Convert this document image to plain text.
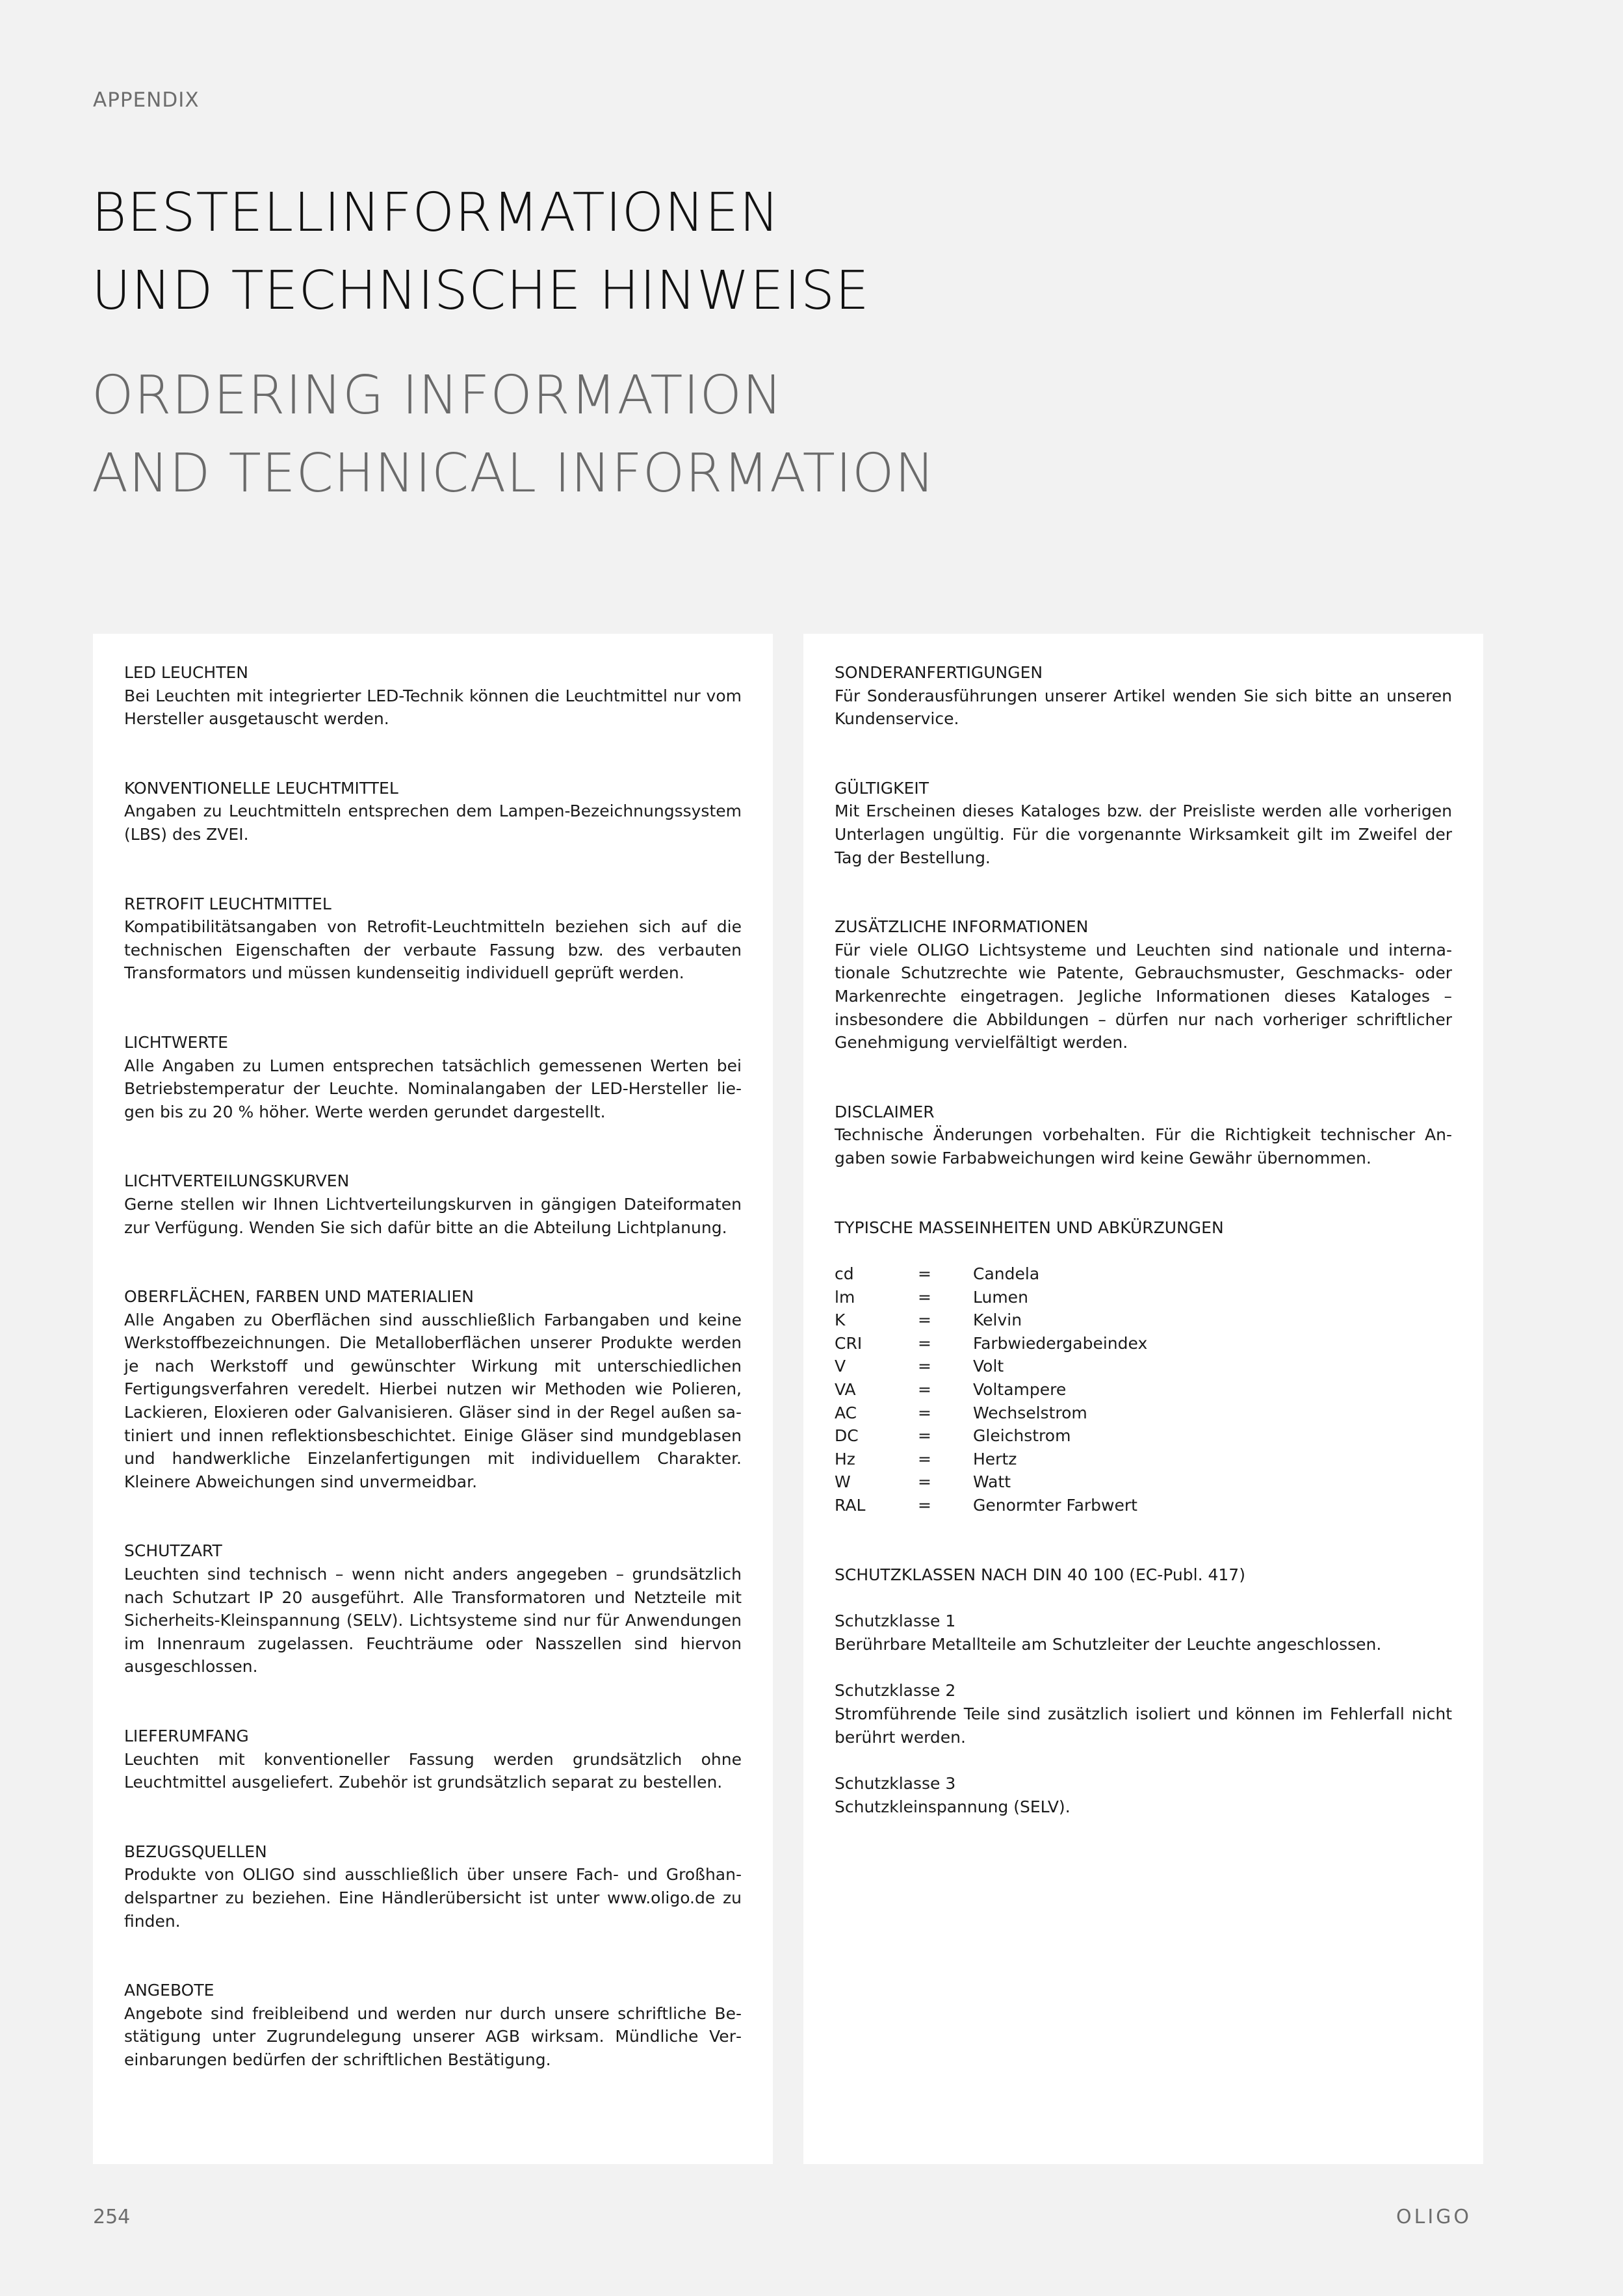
APPENDIX
BESTELLINFORMATIONEN
UND TECHNISCHE HINWEISE
ORDERING INFORMATION
AND TECHNICAL INFORMATION
LED LEUCHTEN
Bei Leuchten mit integrierter LED-Technik können die Leuchtmittel nur vom Hersteller ausgetauscht werden.
KONVENTIONELLE LEUCHTMITTEL
Angaben zu Leuchtmitteln entsprechen dem Lampen-Bezeichnungssystem (LBS) des ZVEI.
RETROFIT LEUCHTMITTEL
Kompatibilitätsangaben von Retrofit-Leuchtmitteln beziehen sich auf die technischen Eigenschaften der verbaute Fassung bzw. des verbauten Transformators und müssen kundenseitig individuell geprüft werden.
LICHTWERTE
Alle Angaben zu Lumen entsprechen tatsächlich gemessenen Werten bei Betriebstemperatur der Leuchte. Nominalangaben der LED-Hersteller liegen bis zu 20 % höher. Werte werden gerundet dargestellt.
LICHTVERTEILUNGSKURVEN
Gerne stellen wir Ihnen Lichtverteilungskurven in gängigen Dateiformaten zur Verfügung. Wenden Sie sich dafür bitte an die Abteilung Lichtplanung.
OBERFLÄCHEN, FARBEN UND MATERIALIEN
Alle Angaben zu Oberflächen sind ausschließlich Farbangaben und keine Werkstoffbezeichnungen. Die Metalloberflächen unserer Produkte werden je nach Werkstoff und gewünschter Wirkung mit unterschiedlichen Fertigungsverfahren veredelt. Hierbei nutzen wir Methoden wie Polieren, Lackieren, Eloxieren oder Galvanisieren. Gläser sind in der Regel außen satiniert und innen reflektionsbeschichtet. Einige Gläser sind mundgeblasen und handwerkliche Einzelanfertigungen mit individuellem Charakter. Kleinere Abweichungen sind unvermeidbar.
SCHUTZART
Leuchten sind technisch – wenn nicht anders angegeben – grundsätzlich nach Schutzart IP 20 ausgeführt. Alle Transformatoren und Netzteile mit Sicherheits-Kleinspannung (SELV). Lichtsysteme sind nur für Anwendungen im Innenraum zugelassen. Feuchträume oder Nasszellen sind hiervon ausgeschlossen.
LIEFERUMFANG
Leuchten mit konventioneller Fassung werden grundsätzlich ohne Leuchtmittel ausgeliefert. Zubehör ist grundsätzlich separat zu bestellen.
BEZUGSQUELLEN
Produkte von OLIGO sind ausschließlich über unsere Fach- und Großhandelspartner zu beziehen. Eine Händlerübersicht ist unter www.oligo.de zu finden.
ANGEBOTE
Angebote sind freibleibend und werden nur durch unsere schriftliche Bestätigung unter Zugrundelegung unserer AGB wirksam. Mündliche Vereinbarungen bedürfen der schriftlichen Bestätigung.
SONDERANFERTIGUNGEN
Für Sonderausführungen unserer Artikel wenden Sie sich bitte an unseren Kundenservice.
GÜLTIGKEIT
Mit Erscheinen dieses Kataloges bzw. der Preisliste werden alle vorherigen Unterlagen ungültig. Für die vorgenannte Wirksamkeit gilt im Zweifel der Tag der Bestellung.
ZUSÄTZLICHE INFORMATIONEN
Für viele OLIGO Lichtsysteme und Leuchten sind nationale und internationale Schutzrechte wie Patente, Gebrauchsmuster, Geschmacks- oder Markenrechte eingetragen. Jegliche Informationen dieses Kataloges – insbesondere die Abbildungen – dürfen nur nach vorheriger schriftlicher Genehmigung vervielfältigt werden.
DISCLAIMER
Technische Änderungen vorbehalten. Für die Richtigkeit technischer Angaben sowie Farbabweichungen wird keine Gewähr übernommen.
TYPISCHE MASSEINHEITEN UND ABKÜRZUNGEN
cd	=	Candela
lm	=	Lumen
K	=	Kelvin
CRI	=	Farbwiedergabeindex
V	=	Volt
VA	=	Voltampere
AC	=	Wechselstrom
DC	=	Gleichstrom
Hz	=	Hertz
W	=	Watt
RAL	=	Genormter Farbwert
SCHUTZKLASSEN NACH DIN 40 100 (EC-Publ. 417)
Schutzklasse 1
Berührbare Metallteile am Schutzleiter der Leuchte angeschlossen.
Schutzklasse 2
Stromführende Teile sind zusätzlich isoliert und können im Fehlerfall nicht berührt werden.
Schutzklasse 3
Schutzkleinspannung (SELV).
254	OLIGO
